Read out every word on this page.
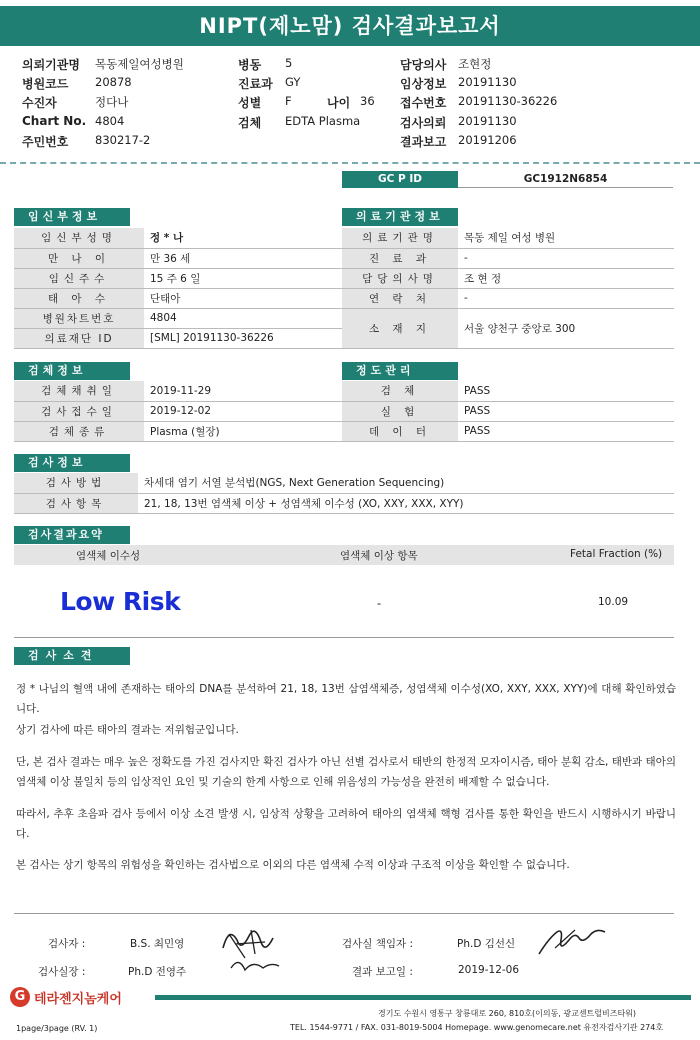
NIPT(제노맘) 검사결과보고서
의뢰기관명 목동제일여성병원
병원코드 20878
수진자	정다나
Chart No. 4804
주민번호 830217-2
병동 5
진료과 GY
성별 F	나이 36
검체 EDTA Plasma
담당의사 조현정
임상정보 20191130
접수번호 20191130-36226
검사의뢰 20191130
결과보고 20191206
GC P ID	GC1912N6854
임신부정보
임신부성명	정 * 나
만 나 이	만 36 세
임신주수	15 주 6 일
태 아 수	단태아
병원차트번호	4804
의료재단 ID	[SML] 20191130-36226
의료기관정보
의료기관명	목동 제일 여성 병원
진 료 과	-
담당의사명	조 현 정
연 락 처	-
소 재 지	서울 양천구 중앙로 300
검체정보
검체채취일	2019-11-29
검사접수일	2019-12-02
검체종류	Plasma (혈장)
정도관리
검 체	PASS
실 험	PASS
데 이 터	PASS
검사정보
검사방법	차세대 염기 서열 분석법(NGS, Next Generation Sequencing)
검사항목	21, 18, 13번 염색체 이상 + 성염색체 이수성 (XO, XXY, XXX, XYY)
검사결과요약
염색체 이수성	염색체 이상 항목	Fetal Fraction (%)
Low Risk	-	10.09
검사소견
정 * 나님의 혈액 내에 존재하는 태아의 DNA를 분석하여 21, 18, 13번 삼염색체증, 성염색체 이수성(XO, XXY, XXX, XYY)에 대해 확인하였습니다.
상기 검사에 따른 태아의 결과는 저위험군입니다.
단, 본 검사 결과는 매우 높은 정확도를 가진 검사지만 확진 검사가 아닌 선별 검사로서 태반의 한정적 모자이시즘, 태아 분획 감소, 태반과 태아의 염색체 이상 불일치 등의 임상적인 요인 및 기술의 한계 사항으로 인해 위음성의 가능성을 완전히 배제할 수 없습니다.
따라서, 추후 초음파 검사 등에서 이상 소견 발생 시, 임상적 상황을 고려하여 태아의 염색체 핵형 검사를 통한 확인을 반드시 시행하시기 바랍니다.
본 검사는 상기 항목의 위험성을 확인하는 검사법으로 이외의 다른 염색체 수적 이상과 구조적 이상을 확인할 수 없습니다.
검사자 :	B.S. 최민영
검사실장 :	Ph.D 전영주
검사실 책임자 :	Ph.D 김선신
결과 보고일 :	2019-12-06
G 테라젠지놈케어
경기도 수원시 영통구 창룡대로 260, 810호(이의동, 광교센트럴비즈타워)
TEL. 1544-9771 / FAX. 031-8019-5004 Homepage. www.genomecare.net 유전자검사기관 274호
1page/3page (RV. 1)
